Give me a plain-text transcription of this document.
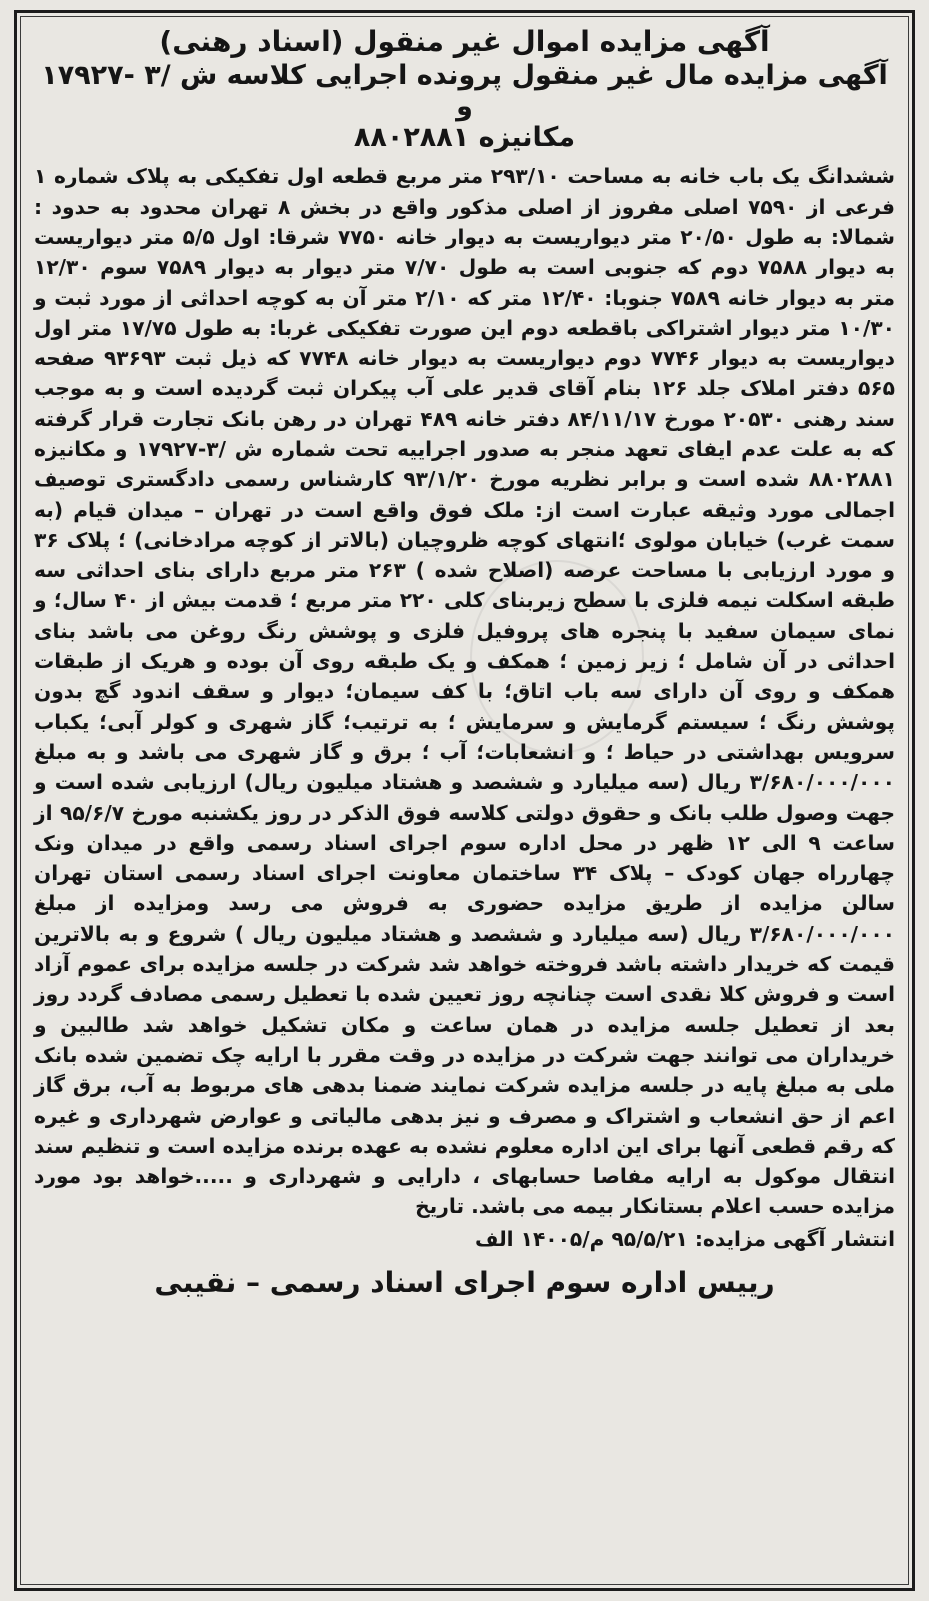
آگهی مزایده اموال غیر منقول (اسناد رهنی)
آگهی مزایده مال غیر منقول پرونده اجرایی کلاسه ش /۳ -۱۷۹۲۷ و
مکانیزه ۸۸۰۲۸۸۱

ششدانگ یک باب خانه به مساحت ۲۹۳/۱۰ متر مربع قطعه اول تفکیکی به پلاک شماره ۱ فرعی از ۷۵۹۰ اصلی مفروز از اصلی مذکور واقع در بخش ۸ تهران محدود به حدود : شمالا: به طول ۲۰/۵۰ متر دیواریست به دیوار خانه ۷۷۵۰ شرقا: اول ۵/۵ متر دیواریست به دیوار ۷۵۸۸ دوم که جنوبی است به طول ۷/۷۰ متر دیوار به دیوار ۷۵۸۹ سوم ۱۲/۳۰ متر به دیوار خانه ۷۵۸۹ جنوبا: ۱۲/۴۰ متر که ۲/۱۰ متر آن به کوچه احداثی از مورد ثبت و ۱۰/۳۰ متر دیوار اشتراکی باقطعه دوم این صورت تفکیکی غربا: به طول ۱۷/۷۵ متر اول دیواریست به دیوار ۷۷۴۶ دوم دیواریست به دیوار خانه ۷۷۴۸ که ذیل ثبت ۹۳۶۹۳ صفحه ۵۶۵ دفتر املاک جلد ۱۲۶ بنام آقای قدیر علی آب پیکران ثبت گردیده است و به موجب سند رهنی ۲۰۵۳۰ مورخ ۸۴/۱۱/۱۷ دفتر خانه ۴۸۹ تهران در رهن بانک تجارت قرار گرفته که به علت عدم ایفای تعهد منجر به صدور اجراییه تحت شماره ش /۳-۱۷۹۲۷ و مکانیزه ۸۸۰۲۸۸۱ شده است و برابر نظریه مورخ ۹۳/۱/۲۰ کارشناس رسمی دادگستری توصیف اجمالی مورد وثیقه عبارت است از: ملک فوق واقع است در تهران – میدان قیام (به سمت غرب) خیابان مولوی ؛انتهای کوچه ظروچیان (بالاتر از کوچه مرادخانی) ؛ پلاک ۳۶ و مورد ارزیابی با مساحت عرصه (اصلاح شده ) ۲۶۳ متر مربع دارای بنای احداثی سه طبقه اسکلت نیمه فلزی با سطح زیربنای کلی ۲۲۰ متر مربع ؛ قدمت بیش از ۴۰ سال؛ و نمای سیمان سفید با پنجره های پروفیل فلزی و پوشش رنگ روغن می باشد بنای احداثی در آن شامل ؛ زیر زمین ؛ همکف و یک طبقه روی آن بوده و هریک از طبقات همکف و روی آن دارای سه باب اتاق؛ با کف سیمان؛ دیوار و سقف اندود گچ بدون پوشش رنگ ؛ سیستم گرمایش و سرمایش ؛ به ترتیب؛ گاز شهری و کولر آبی؛ یکباب سرویس بهداشتی در حیاط ؛ و انشعابات؛ آب ؛ برق و گاز شهری می باشد و به مبلغ ۳/۶۸۰/۰۰۰/۰۰۰ ریال (سه میلیارد و ششصد و هشتاد میلیون ریال) ارزیابی شده است و جهت وصول طلب بانک و حقوق دولتی کلاسه فوق الذکر در روز یکشنبه مورخ ۹۵/۶/۷ از ساعت ۹ الی ۱۲ ظهر در محل اداره سوم اجرای اسناد رسمی واقع در میدان ونک چهارراه جهان کودک – پلاک ۳۴ ساختمان معاونت اجرای اسناد رسمی استان تهران سالن مزایده از طریق مزایده حضوری به فروش می رسد ومزایده از مبلغ ۳/۶۸۰/۰۰۰/۰۰۰ ریال (سه میلیارد و ششصد و هشتاد میلیون ریال ) شروع و به بالاترین قیمت که خریدار داشته باشد فروخته خواهد شد شرکت در جلسه مزایده برای عموم آزاد است و فروش کلا نقدی است چنانچه روز تعیین شده با تعطیل رسمی مصادف گردد روز بعد از تعطیل جلسه مزایده در همان ساعت و مکان تشکیل خواهد شد طالبین و خریداران می توانند جهت شرکت در مزایده در وقت مقرر با ارایه چک تضمین شده بانک ملی به مبلغ پایه در جلسه مزایده شرکت نمایند ضمنا بدهی های مربوط به آب، برق گاز اعم از حق انشعاب و اشتراک و مصرف و نیز بدهی مالیاتی و عوارض شهرداری و غیره که رقم قطعی آنها برای این اداره معلوم نشده به عهده برنده مزایده است و تنظیم سند انتقال موکول به ارایه مفاصا حسابهای ، دارایی و شهرداری و .....خواهد بود مورد مزایده حسب اعلام بستانکار بیمه می باشد. تاریخ

انتشار آگهی مزایده: ۹۵/۵/۲۱ م/۱۴۰۰۵ الف
رییس اداره سوم اجرای اسناد رسمی – نقیبی
